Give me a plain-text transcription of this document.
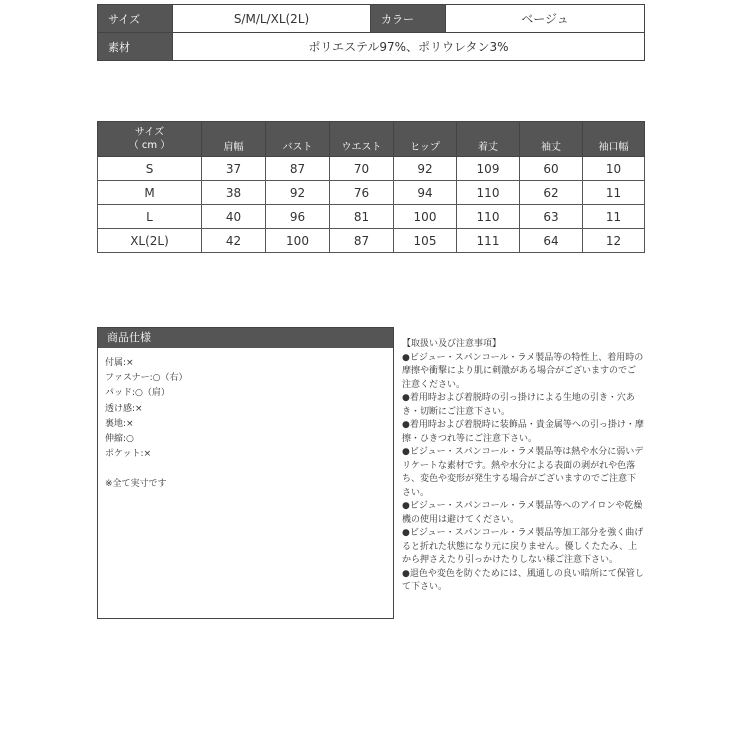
サイズ	S/M/L/XL(2L)	カラー	ベージュ
素材	ポリエステル97%、ポリウレタン3%		
サイズ
（ cm ）	肩幅	バスト	ウエスト	ヒップ	着丈	袖丈	袖口幅
S	37	87	70	92	109	60	10
M	38	92	76	94	110	62	11
L	40	96	81	100	110	63	11
XL(2L)	42	100	87	105	111	64	12
商品仕様
付属:×
ファスナー:○（右）
パッド:○（肩）
透け感:×
裏地:×
伸縮:○
ポケット:×
※全て実寸です
【取扱い及び注意事項】
●ビジュー・スパンコール・ラメ製品等の特性上、着用時の摩擦や衝撃により肌に刺激がある場合がございますのでご注意ください。
●着用時および着脱時の引っ掛けによる生地の引き・穴あき・切断にご注意下さい。
●着用時および着脱時に装飾品・貴金属等への引っ掛け・摩擦・ひきつれ等にご注意下さい。
●ビジュー・スパンコール・ラメ製品等は熱や水分に弱いデリケートな素材です。熱や水分による表面の剥がれや色落ち、変色や変形が発生する場合がございますのでご注意下さい。
●ビジュー・スパンコール・ラメ製品等へのアイロンや乾燥機の使用は避けてください。
●ビジュー・スパンコール・ラメ製品等加工部分を強く曲げると折れた状態になり元に戻りません。優しくたたみ、上から押さえたり引っかけたりしない様ご注意下さい。
●退色や変色を防ぐためには、風通しの良い暗所にて保管して下さい。
